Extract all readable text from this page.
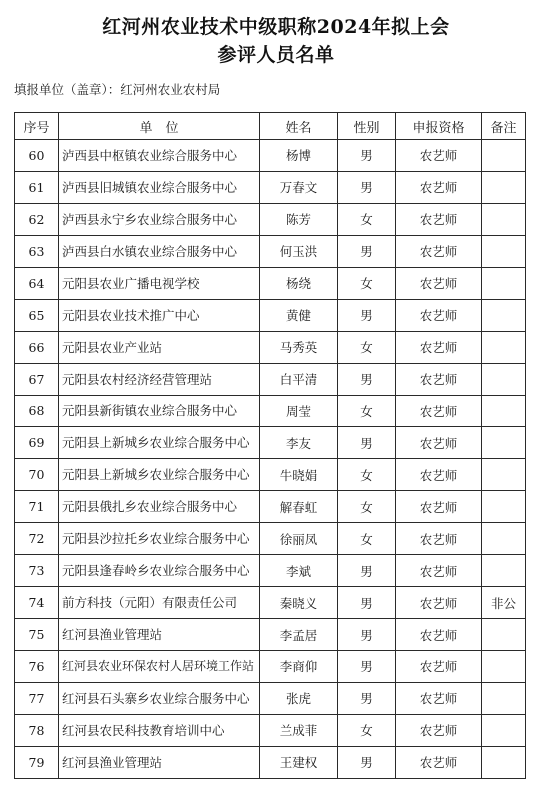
红河州农业技术中级职称2024年拟上会
参评人员名单
填报单位（盖章）：红河州农业农村局
序号	单　位	姓名	性别	申报资格	备注
60	泸西县中枢镇农业综合服务中心	杨博	男	农艺师	
61	泸西县旧城镇农业综合服务中心	万春文	男	农艺师	
62	泸西县永宁乡农业综合服务中心	陈芳	女	农艺师	
63	泸西县白水镇农业综合服务中心	何玉洪	男	农艺师	
64	元阳县农业广播电视学校	杨绕	女	农艺师	
65	元阳县农业技术推广中心	黄健	男	农艺师	
66	元阳县农业产业站	马秀英	女	农艺师	
67	元阳县农村经济经营管理站	白平清	男	农艺师	
68	元阳县新街镇农业综合服务中心	周莹	女	农艺师	
69	元阳县上新城乡农业综合服务中心	李友	男	农艺师	
70	元阳县上新城乡农业综合服务中心	牛晓娟	女	农艺师	
71	元阳县俄扎乡农业综合服务中心	解春虹	女	农艺师	
72	元阳县沙拉托乡农业综合服务中心	徐丽凤	女	农艺师	
73	元阳县逢春岭乡农业综合服务中心	李斌	男	农艺师	
74	前方科技（元阳）有限责任公司	秦晓义	男	农艺师	非公
75	红河县渔业管理站	李孟居	男	农艺师	
76	红河县农业环保农村人居环境工作站	李商仰	男	农艺师	
77	红河县石头寨乡农业综合服务中心	张虎	男	农艺师	
78	红河县农民科技教育培训中心	兰成菲	女	农艺师	
79	红河县渔业管理站	王建权	男	农艺师	
